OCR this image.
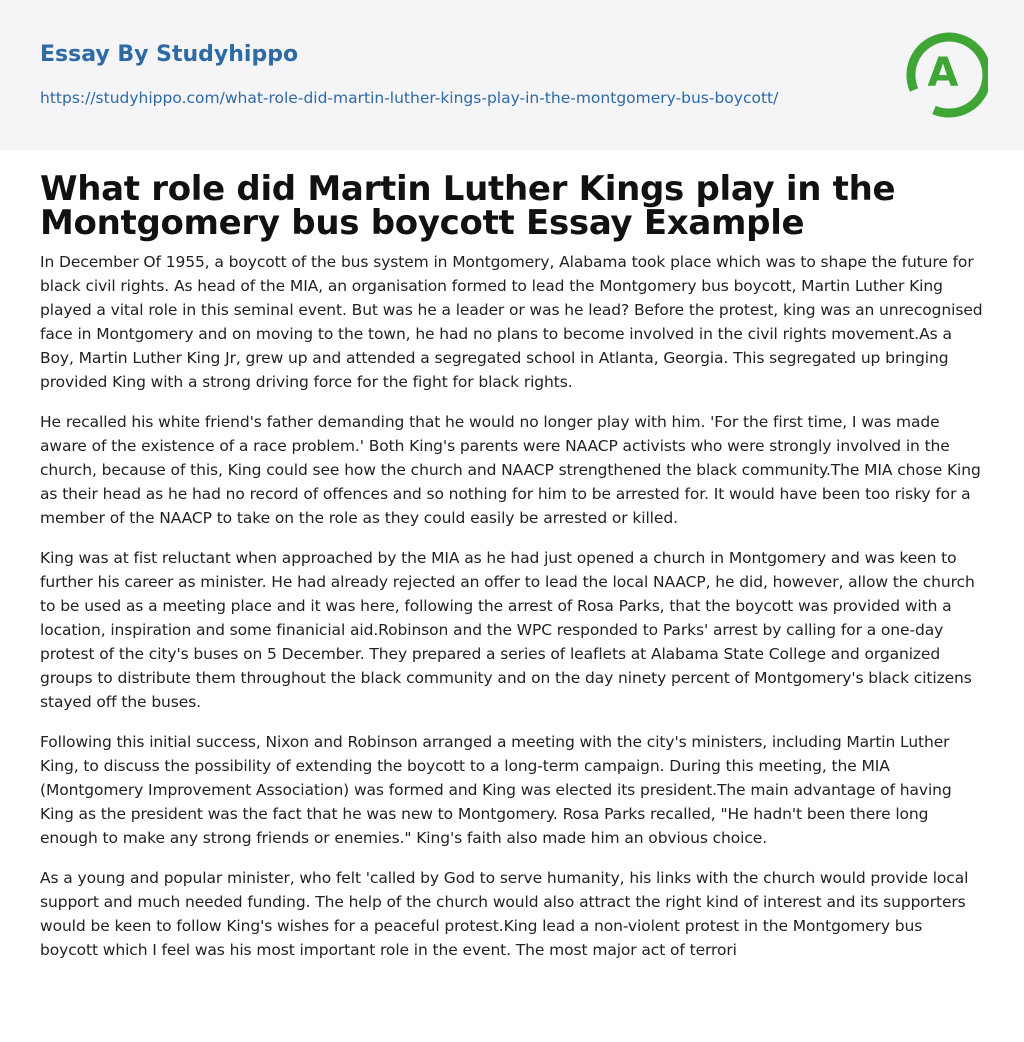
Essay By Studyhippo
https://studyhippo.com/what-role-did-martin-luther-kings-play-in-the-montgomery-bus-boycott/
A
What role did Martin Luther Kings play in the Montgomery bus boycott Essay Example

In December Of 1955, a boycott of the bus system in Montgomery, Alabama took place which was to shape the future for black civil rights. As head of the MIA, an organisation formed to lead the Montgomery bus boycott, Martin Luther King played a vital role in this seminal event. But was he a leader or was he lead? Before the protest, king was an unrecognised face in Montgomery and on moving to the town, he had no plans to become involved in the civil rights movement.As a Boy, Martin Luther King Jr, grew up and attended a segregated school in Atlanta, Georgia. This segregated up bringing provided King with a strong driving force for the fight for black rights.

He recalled his white friend's father demanding that he would no longer play with him. 'For the first time, I was made aware of the existence of a race problem.' Both King's parents were NAACP activists who were strongly involved in the church, because of this, King could see how the church and NAACP strengthened the black community.The MIA chose King as their head as he had no record of offences and so nothing for him to be arrested for. It would have been too risky for a member of the NAACP to take on the role as they could easily be arrested or killed.

King was at fist reluctant when approached by the MIA as he had just opened a church in Montgomery and was keen to further his career as minister. He had already rejected an offer to lead the local NAACP, he did, however, allow the church to be used as a meeting place and it was here, following the arrest of Rosa Parks, that the boycott was provided with a location, inspiration and some finanicial aid.Robinson and the WPC responded to Parks' arrest by calling for a one-day protest of the city's buses on 5 December. They prepared a series of leaflets at Alabama State College and organized groups to distribute them throughout the black community and on the day ninety percent of Montgomery's black citizens stayed off the buses.

Following this initial success, Nixon and Robinson arranged a meeting with the city's ministers, including Martin Luther King, to discuss the possibility of extending the boycott to a long-term campaign. During this meeting, the MIA (Montgomery Improvement Association) was formed and King was elected its president.The main advantage of having King as the president was the fact that he was new to Montgomery. Rosa Parks recalled, "He hadn't been there long enough to make any strong friends or enemies." King's faith also made him an obvious choice.

As a young and popular minister, who felt 'called by God to serve humanity, his links with the church would provide local support and much needed funding. The help of the church would also attract the right kind of interest and its supporters would be keen to follow King's wishes for a peaceful protest.King lead a non-violent protest in the Montgomery bus boycott which I feel was his most important role in the event. The most major act of terrori
